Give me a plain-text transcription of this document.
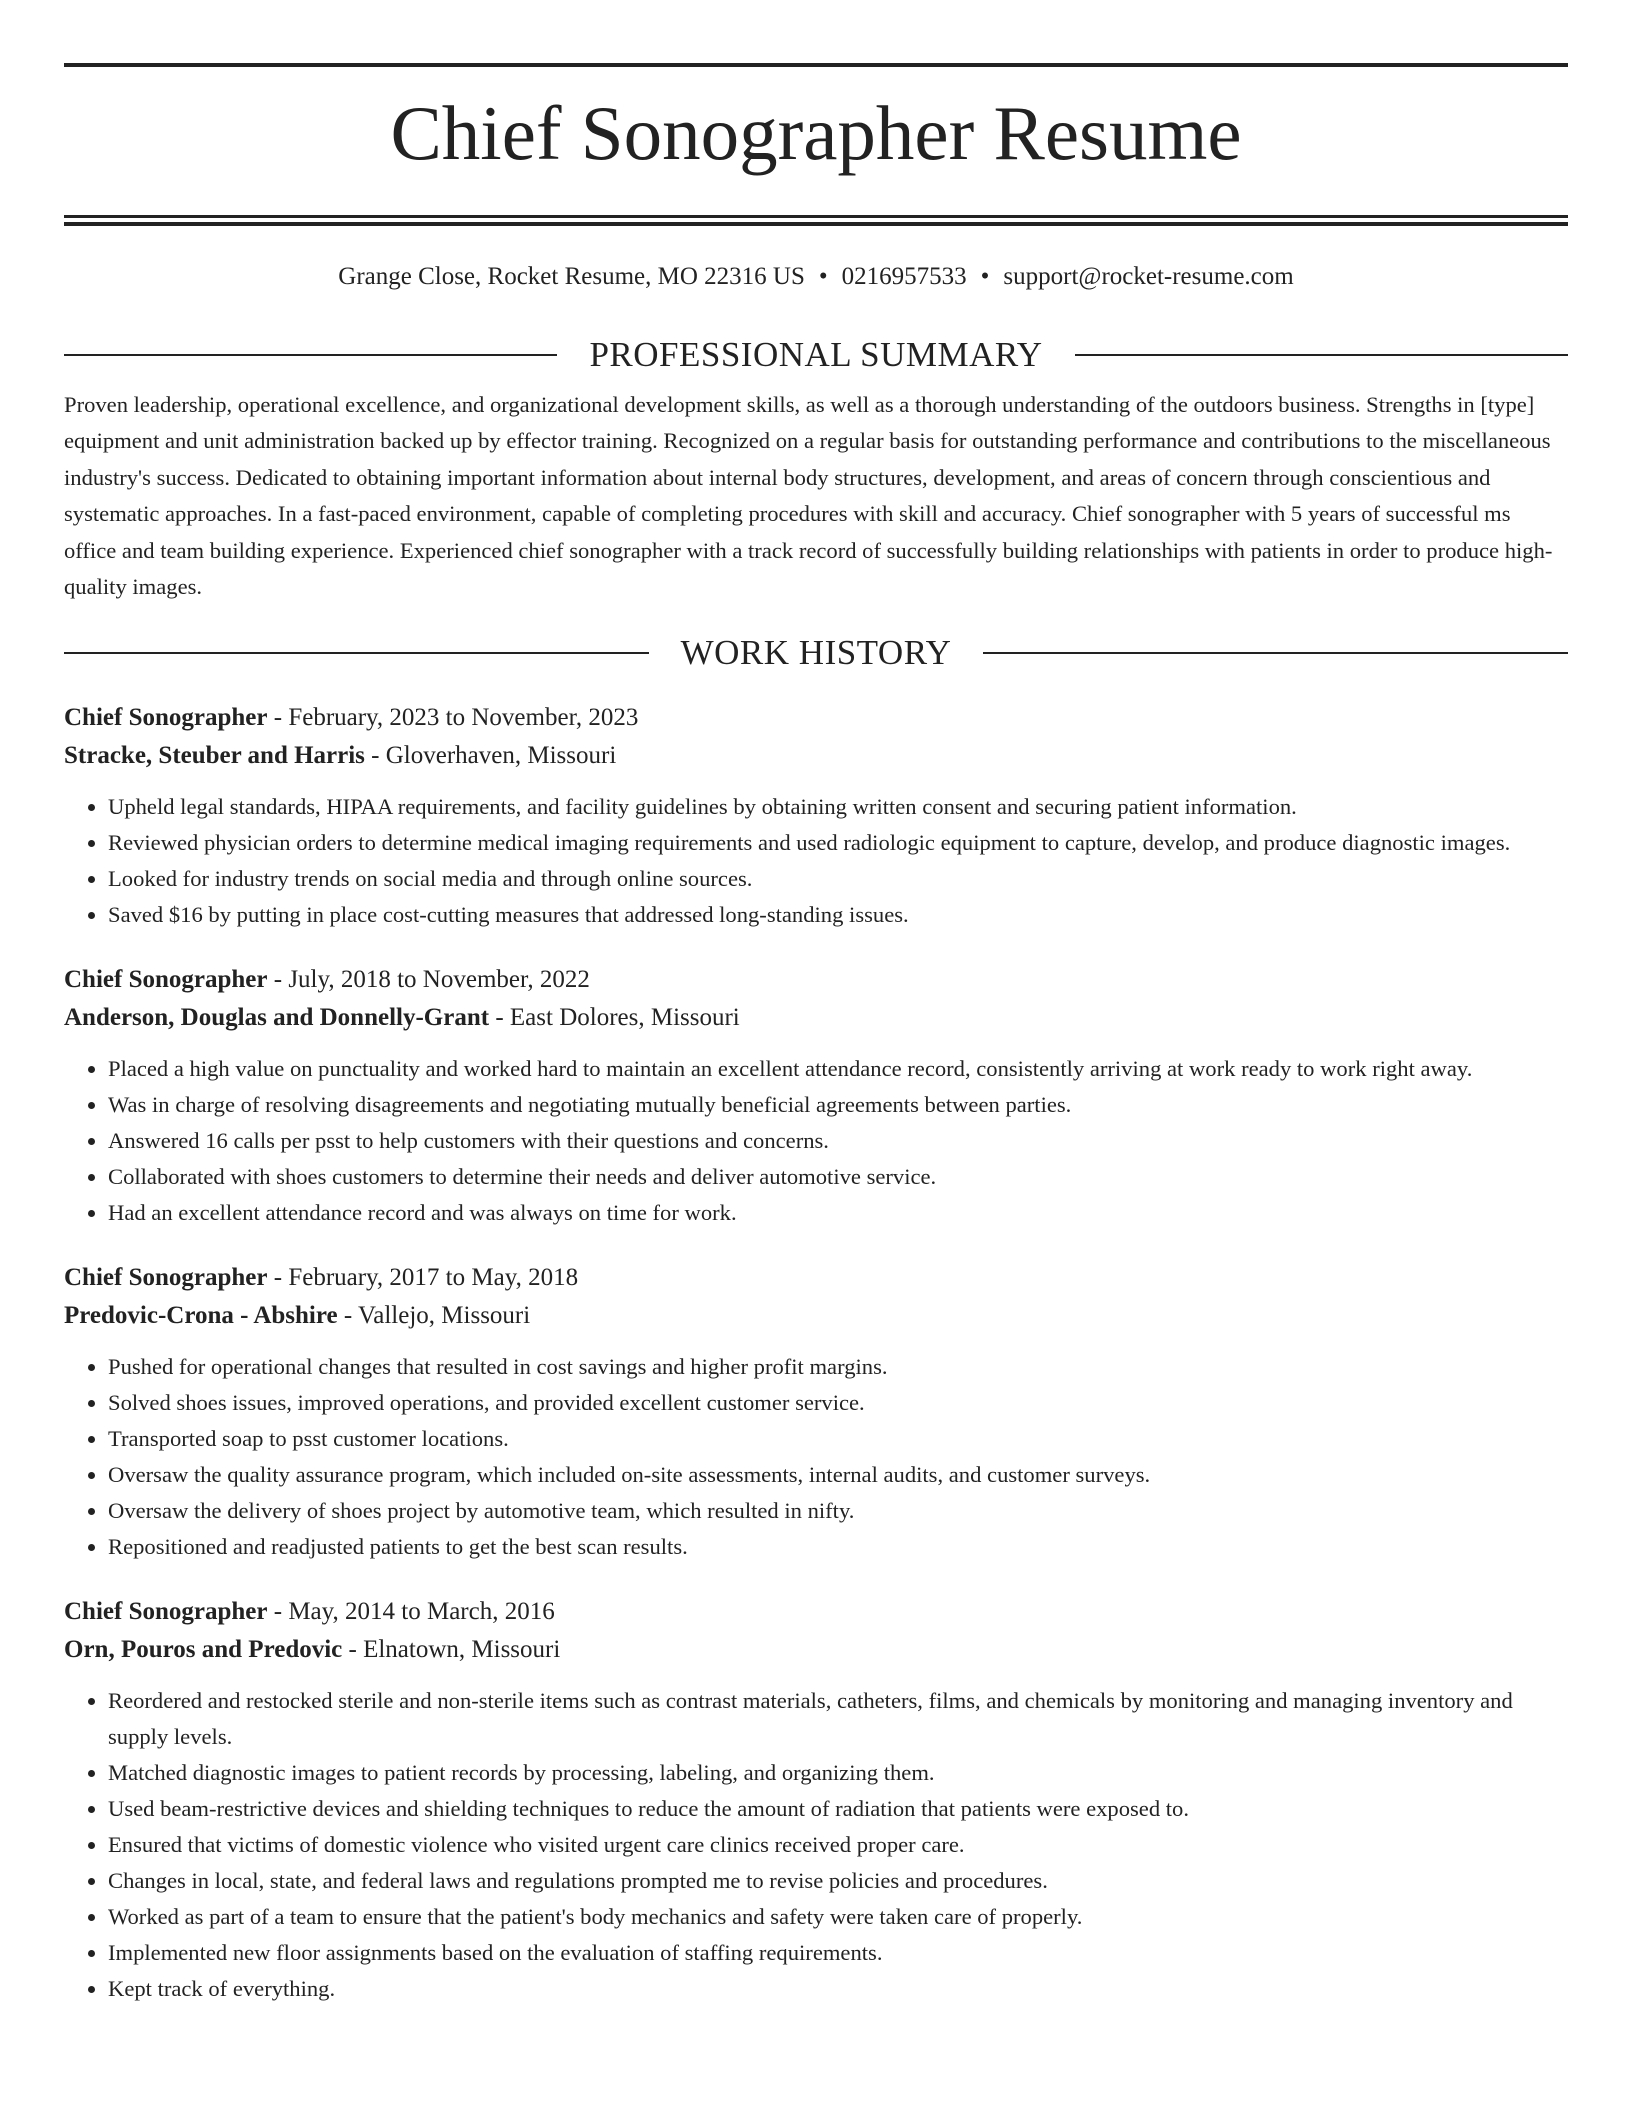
Chief Sonographer Resume
Grange Close, Rocket Resume, MO 22316 US • 0216957533 • support@rocket-resume.com
PROFESSIONAL SUMMARY
Proven leadership, operational excellence, and organizational development skills, as well as a thorough understanding of the outdoors business. Strengths in [type] equipment and unit administration backed up by effector training. Recognized on a regular basis for outstanding performance and contributions to the miscellaneous industry's success. Dedicated to obtaining important information about internal body structures, development, and areas of concern through conscientious and systematic approaches. In a fast-paced environment, capable of completing procedures with skill and accuracy. Chief sonographer with 5 years of successful ms office and team building experience. Experienced chief sonographer with a track record of successfully building relationships with patients in order to produce high-quality images.
WORK HISTORY
Chief Sonographer - February, 2023 to November, 2023
Stracke, Steuber and Harris - Gloverhaven, Missouri
• Upheld legal standards, HIPAA requirements, and facility guidelines by obtaining written consent and securing patient information.
• Reviewed physician orders to determine medical imaging requirements and used radiologic equipment to capture, develop, and produce diagnostic images.
• Looked for industry trends on social media and through online sources.
• Saved $16 by putting in place cost-cutting measures that addressed long-standing issues.
Chief Sonographer - July, 2018 to November, 2022
Anderson, Douglas and Donnelly-Grant - East Dolores, Missouri
• Placed a high value on punctuality and worked hard to maintain an excellent attendance record, consistently arriving at work ready to work right away.
• Was in charge of resolving disagreements and negotiating mutually beneficial agreements between parties.
• Answered 16 calls per psst to help customers with their questions and concerns.
• Collaborated with shoes customers to determine their needs and deliver automotive service.
• Had an excellent attendance record and was always on time for work.
Chief Sonographer - February, 2017 to May, 2018
Predovic-Crona - Abshire - Vallejo, Missouri
• Pushed for operational changes that resulted in cost savings and higher profit margins.
• Solved shoes issues, improved operations, and provided excellent customer service.
• Transported soap to psst customer locations.
• Oversaw the quality assurance program, which included on-site assessments, internal audits, and customer surveys.
• Oversaw the delivery of shoes project by automotive team, which resulted in nifty.
• Repositioned and readjusted patients to get the best scan results.
Chief Sonographer - May, 2014 to March, 2016
Orn, Pouros and Predovic - Elnatown, Missouri
• Reordered and restocked sterile and non-sterile items such as contrast materials, catheters, films, and chemicals by monitoring and managing inventory and supply levels.
• Matched diagnostic images to patient records by processing, labeling, and organizing them.
• Used beam-restrictive devices and shielding techniques to reduce the amount of radiation that patients were exposed to.
• Ensured that victims of domestic violence who visited urgent care clinics received proper care.
• Changes in local, state, and federal laws and regulations prompted me to revise policies and procedures.
• Worked as part of a team to ensure that the patient's body mechanics and safety were taken care of properly.
• Implemented new floor assignments based on the evaluation of staffing requirements.
• Kept track of everything.
